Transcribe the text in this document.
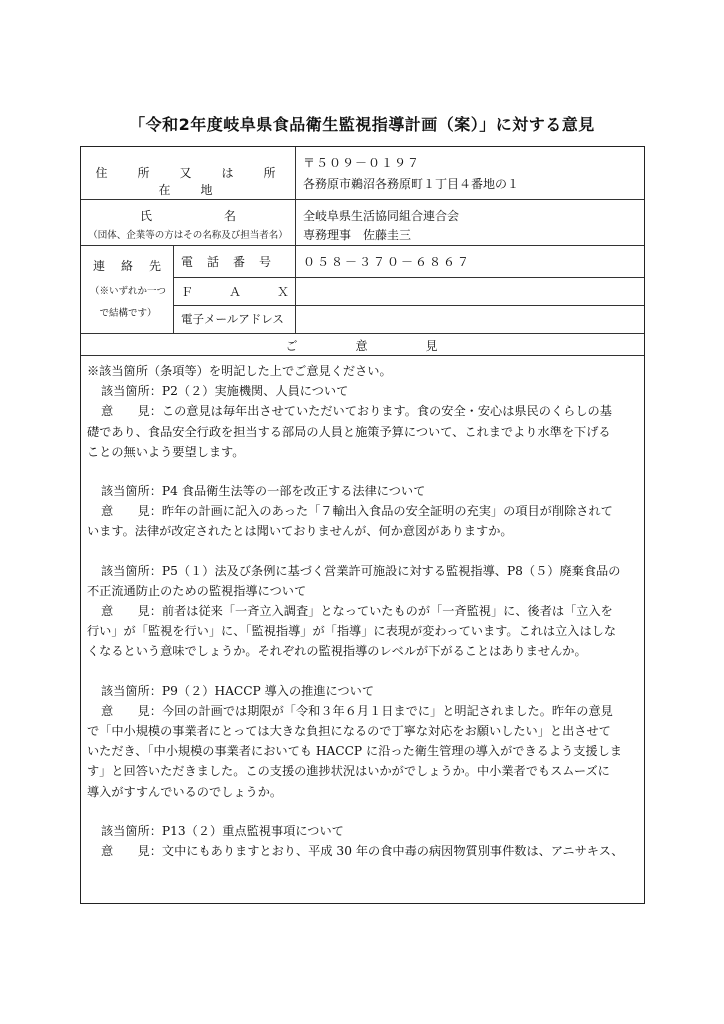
「令和2年度岐阜県食品衛生監視指導計画（案）」に対する意見
住　所　又　は　所　在　地
〒５０９－０１９７
各務原市鵜沼各務原町１丁目４番地の１
氏　　　　　　名
（団体、企業等の方はその名称及び担当者名）
全岐阜県生活協同組合連合会
専務理事　佐藤圭三
連　絡　先
（※いずれか一つ
で結構です）
電　話　番　号	０５８－３７０－６８６７
Ｆ　　　Ａ　　　Ｘ
電子メールアドレス
ご　　　　意　　　　見

※該当箇所（条項等）を明記した上でご意見ください。

該当箇所：P2（２）実施機関、人員について

意　　見：この意見は毎年出させていただいております。食の安全・安心は県民のくらしの基

礎であり、食品安全行政を担当する部局の人員と施策予算について、これまでより水準を下げる

ことの無いよう要望します。

該当箇所：P4 食品衛生法等の一部を改正する法律について

意　　見：昨年の計画に記入のあった「７輸出入食品の安全証明の充実」の項目が削除されて

います。法律が改定されたとは聞いておりませんが、何か意図がありますか。

該当箇所：P5（１）法及び条例に基づく営業許可施設に対する監視指導、P8（５）廃棄食品の

不正流通防止のための監視指導について

意　　見：前者は従来「一斉立入調査」となっていたものが「一斉監視」に、後者は「立入を

行い」が「監視を行い」に、「監視指導」が「指導」に表現が変わっています。これは立入はしな

くなるという意味でしょうか。それぞれの監視指導のレベルが下がることはありませんか。

該当箇所：P9（２）HACCP 導入の推進について

意　　見：今回の計画では期限が「令和３年６月１日までに」と明記されました。昨年の意見

で「中小規模の事業者にとっては大きな負担になるので丁寧な対応をお願いしたい」と出させて

いただき、「中小規模の事業者においても HACCP に沿った衛生管理の導入ができるよう支援しま

す」と回答いただきました。この支援の進捗状況はいかがでしょうか。中小業者でもスムーズに

導入がすすんでいるのでしょうか。

該当箇所：P13（２）重点監視事項について

意　　見：文中にもありますとおり、平成 30 年の食中毒の病因物質別事件数は、アニサキス、
